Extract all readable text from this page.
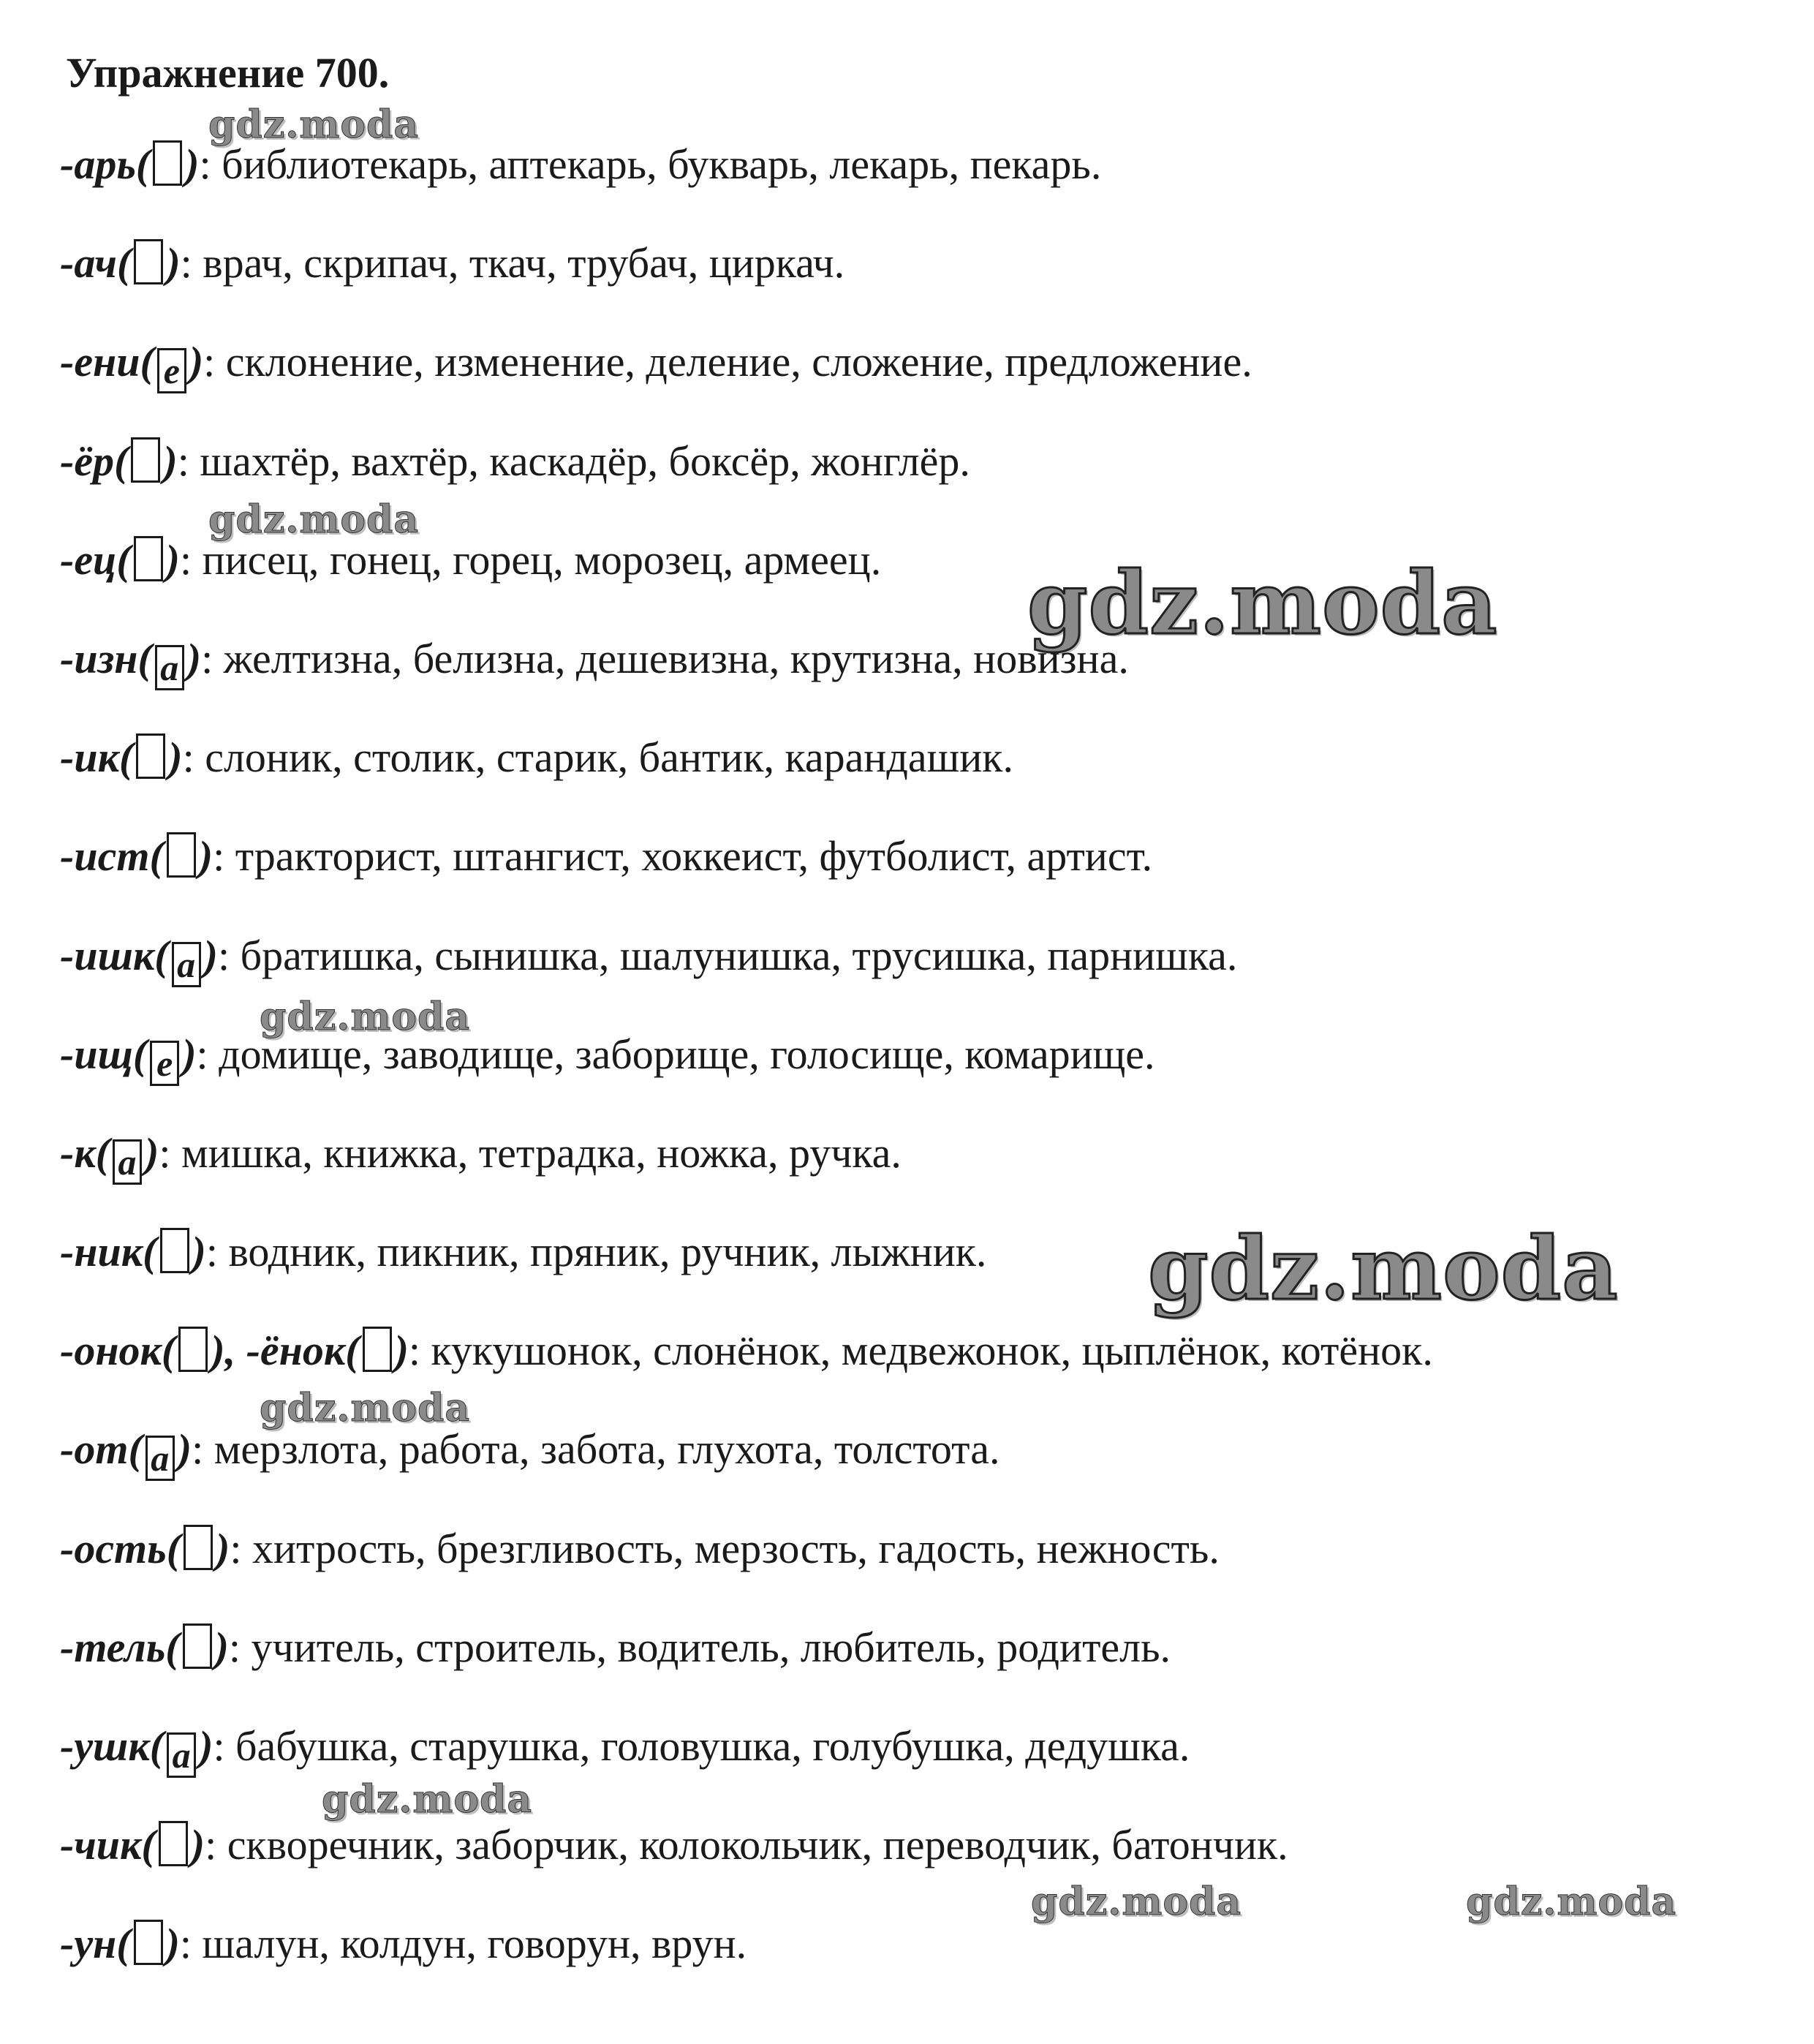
Упражнение 700.
-арь( ): библиотекарь, аптекарь, букварь, лекарь, пекарь.
-ач( ): врач, скрипач, ткач, трубач, циркач.
-ени( е ): склонение, изменение, деление, сложение, предложение.
-ёр( ): шахтёр, вахтёр, каскадёр, боксёр, жонглёр.
-ец( ): писец, гонец, горец, морозец, армеец.
-изн( а ): желтизна, белизна, дешевизна, крутизна, новизна.
-ик( ): слоник, столик, старик, бантик, карандашик.
-ист( ): тракторист, штангист, хоккеист, футболист, артист.
-ишк( а ): братишка, сынишка, шалунишка, трусишка, парнишка.
-ищ( е ): домище, заводище, заборище, голосище, комарище.
-к( а ): мишка, книжка, тетрадка, ножка, ручка.
-ник( ): водник, пикник, пряник, ручник, лыжник.
-онок( ), -ёнок( ): кукушонок, слонёнок, медвежонок, цыплёнок, котёнок.
-от( а ): мерзлота, работа, забота, глухота, толстота.
-ость( ): хитрость, брезгливость, мерзость, гадость, нежность.
-тель( ): учитель, строитель, водитель, любитель, родитель.
-ушк( а ): бабушка, старушка, головушка, голубушка, дедушка.
-чик( ): скворечник, заборчик, колокольчик, переводчик, батончик.
-ун( ): шалун, колдун, говорун, врун.
gdz.moda
gdz.moda
gdz.moda
gdz.moda
gdz.moda
gdz.moda
gdz.moda
gdz.moda	gdz.moda
